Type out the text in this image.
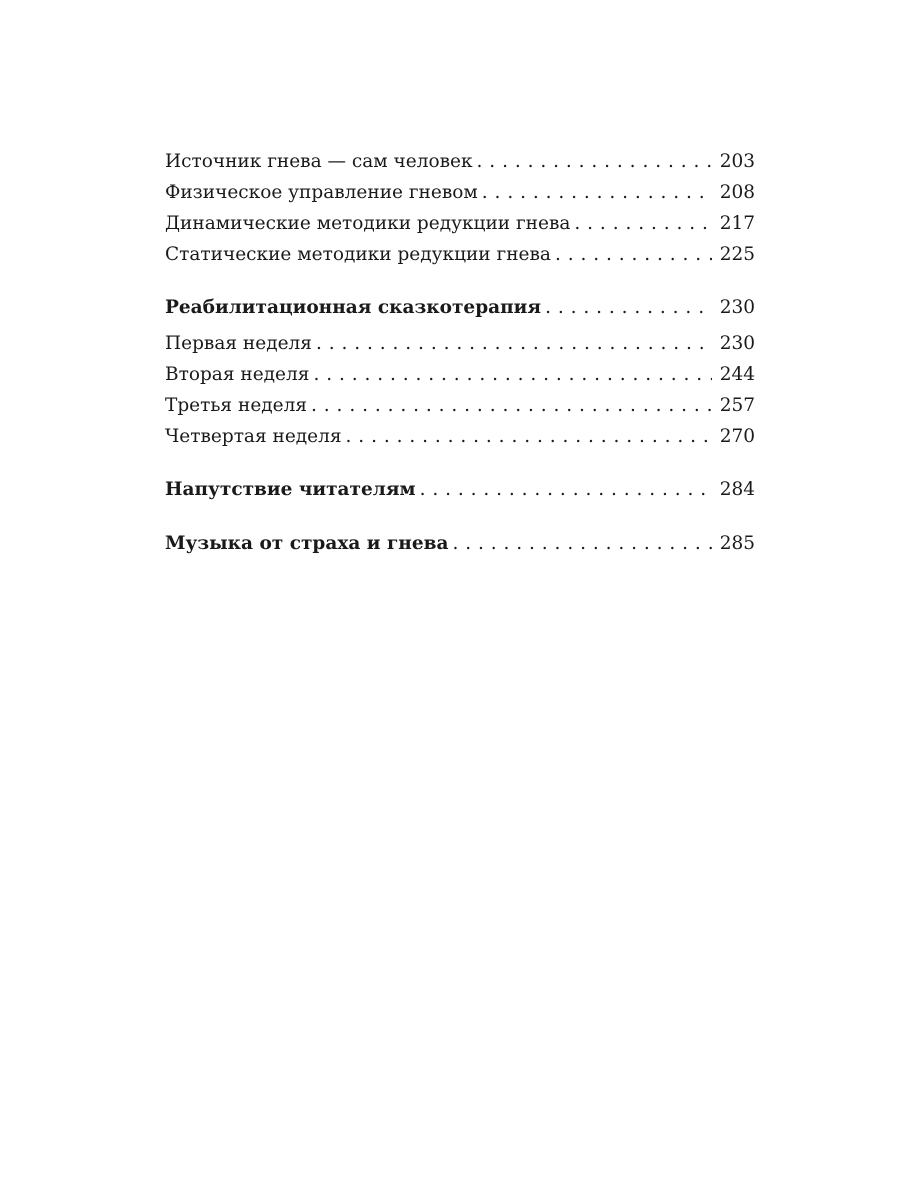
Источник гнева — сам человек . . .	203
Физическое управление гневом . . .	208
Динамические методики редукции гнева . . .	217
Статические методики редукции гнева . . .	225
Реабилитационная сказкотерапия . . .	230
Первая неделя . . .	230
Вторая неделя . . .	244
Третья неделя . . .	257
Четвертая неделя . . .	270
Напутствие читателям . . .	284
Музыка от страха и гнева . . .	285
